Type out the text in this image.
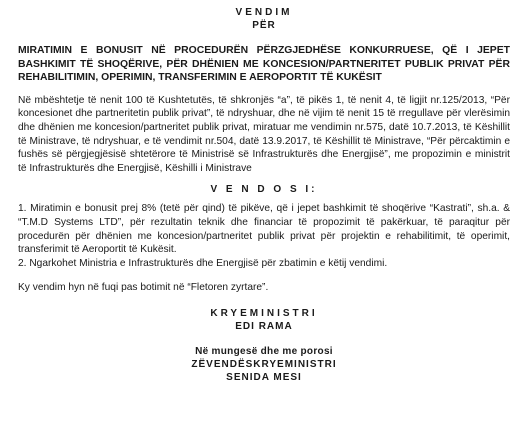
VENDIM

PËR

MIRATIMIN E BONUSIT NË PROCEDURËN PËRZGJEDHËSE KONKURRUESE, QË I JEPET BASHKIMIT TË SHOQËRIVE, PËR DHËNIEN ME KONCESION/PARTNERITET PUBLIK PRIVAT PËR REHABILITIMIN, OPERIMIN, TRANSFERIMIN E AEROPORTIT TË KUKËSIT

Në mbështetje të nenit 100 të Kushtetutës, të shkronjës “a”, të pikës 1, të nenit 4, të ligjit nr.125/2013, “Për koncesionet dhe partneritetin publik privat”, të ndryshuar, dhe në vijim të nenit 15 të rregullave për vlerësimin dhe dhënien me koncesion/partneritet publik privat, miratuar me vendimin nr.575, datë 10.7.2013, të Këshillit të Ministrave, të ndryshuar, e të vendimit nr.504, datë 13.9.2017, të Këshillit të Ministrave, “Për përcaktimin e fushës së përgjegjësisë shtetërore të Ministrisë së Infrastrukturës dhe Energjisë”, me propozimin e ministrit të Infrastrukturës dhe Energjisë, Këshilli i Ministrave

V E N D O S I:

1. Miratimin e bonusit prej 8% (tetë për qind) të pikëve, që i jepet bashkimit të shoqërive “Kastrati”, sh.a. & “T.M.D Systems LTD”, për rezultatin teknik dhe financiar të propozimit të pakërkuar, të paraqitur për procedurën për dhënien me koncesion/partneritet publik privat për projektin e rehabilitimit, të operimit, transferimit të Aeroportit të Kukësit.

2. Ngarkohet Ministria e Infrastrukturës dhe Energjisë për zbatimin e këtij vendimi.

Ky vendim hyn në fuqi pas botimit në “Fletoren zyrtare”.

KRYEMINISTRI

EDI RAMA

Në mungesë dhe me porosi

ZËVENDËSKRYEMINISTRI

SENIDA MESI
